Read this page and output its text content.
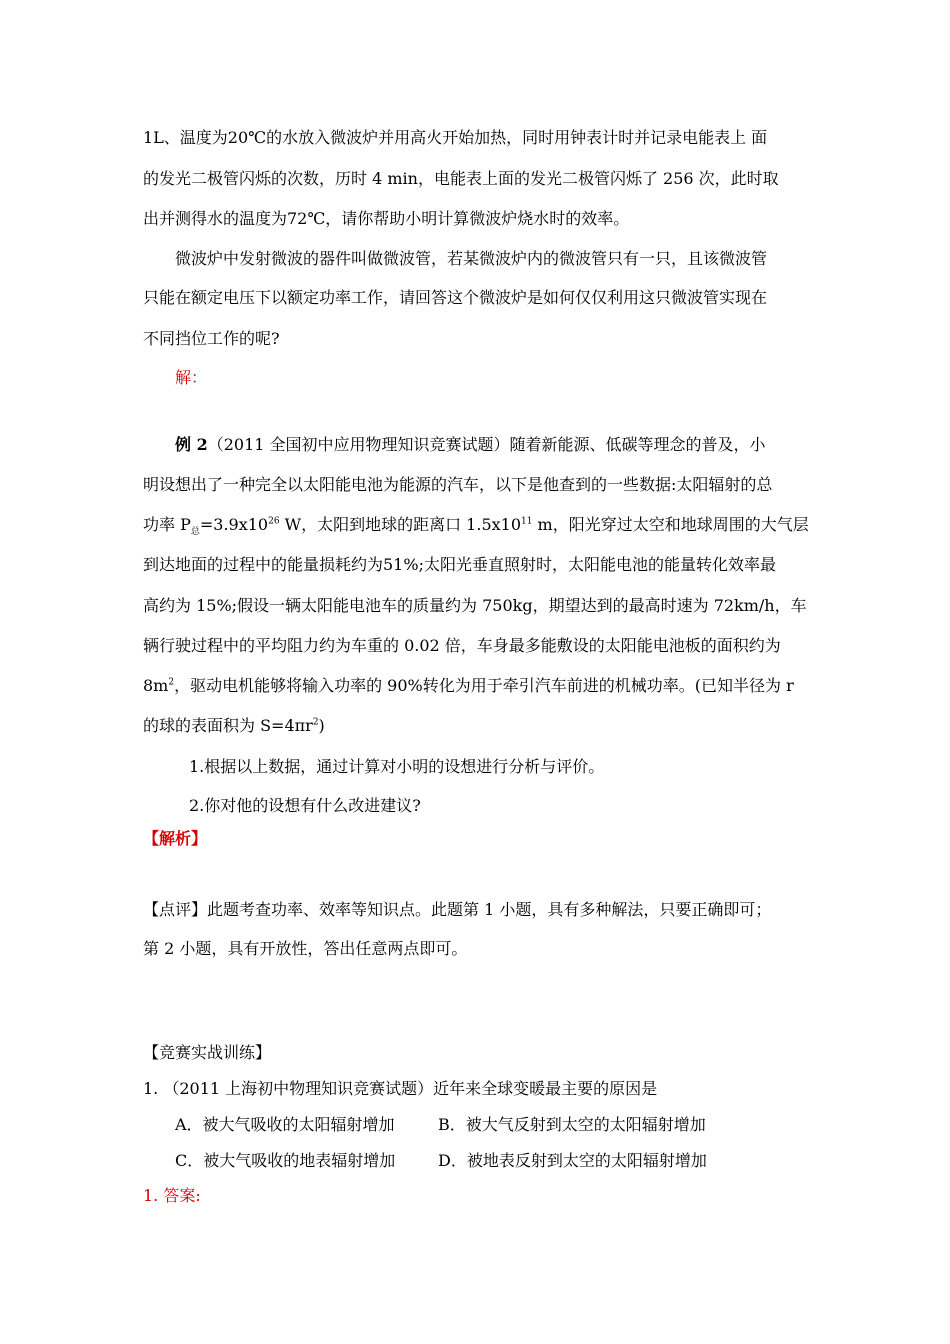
1L、温度为20℃的水放入微波炉并用高火开始加热，同时用钟表计时并记录电能表上 面
的发光二极管闪烁的次数，历时 4 min，电能表上面的发光二极管闪烁了 256 次，此时取
出并测得水的温度为72℃，请你帮助小明计算微波炉烧水时的效率。
微波炉中发射微波的器件叫做微波管，若某微波炉内的微波管只有一只，且该微波管
只能在额定电压下以额定功率工作，请回答这个微波炉是如何仅仅利用这只微波管实现在
不同挡位工作的呢?
解：
例 2（2011 全国初中应用物理知识竞赛试题）随着新能源、低碳等理念的普及，小
明设想出了一种完全以太阳能电池为能源的汽车，以下是他查到的一些数据:太阳辐射的总
功率 $P_总=3.9x10^{26}$ W，太阳到地球的距离口 $1.5x10^{11}$ m，阳光穿过太空和地球周围的大气层
到达地面的过程中的能量损耗约为51%;太阳光垂直照射时，太阳能电池的能量转化效率最
高约为 15%;假设一辆太阳能电池车的质量约为 750kg，期望达到的最高时速为 72km/h，车
辆行驶过程中的平均阻力约为车重的 0.02 倍，车身最多能敷设的太阳能电池板的面积约为
$8m^2$，驱动电机能够将输入功率的 90%转化为用于牵引汽车前进的机械功率。(已知半径为 r
的球的表面积为 $S=4\pi r^2$)
1.根据以上数据，通过计算对小明的设想进行分析与评价。
2.你对他的设想有什么改进建议?
【解析】
【点评】此题考查功率、效率等知识点。此题第 1 小题，具有多种解法，只要正确即可；
第 2 小题，具有开放性，答出任意两点即可。
【竞赛实战训练】
1. （2011 上海初中物理知识竞赛试题）近年来全球变暖最主要的原因是
A．被大气吸收的太阳辐射增加	B．被大气反射到太空的太阳辐射增加
C．被大气吸收的地表辐射增加	D．被地表反射到太空的太阳辐射增加
1. 答案:
